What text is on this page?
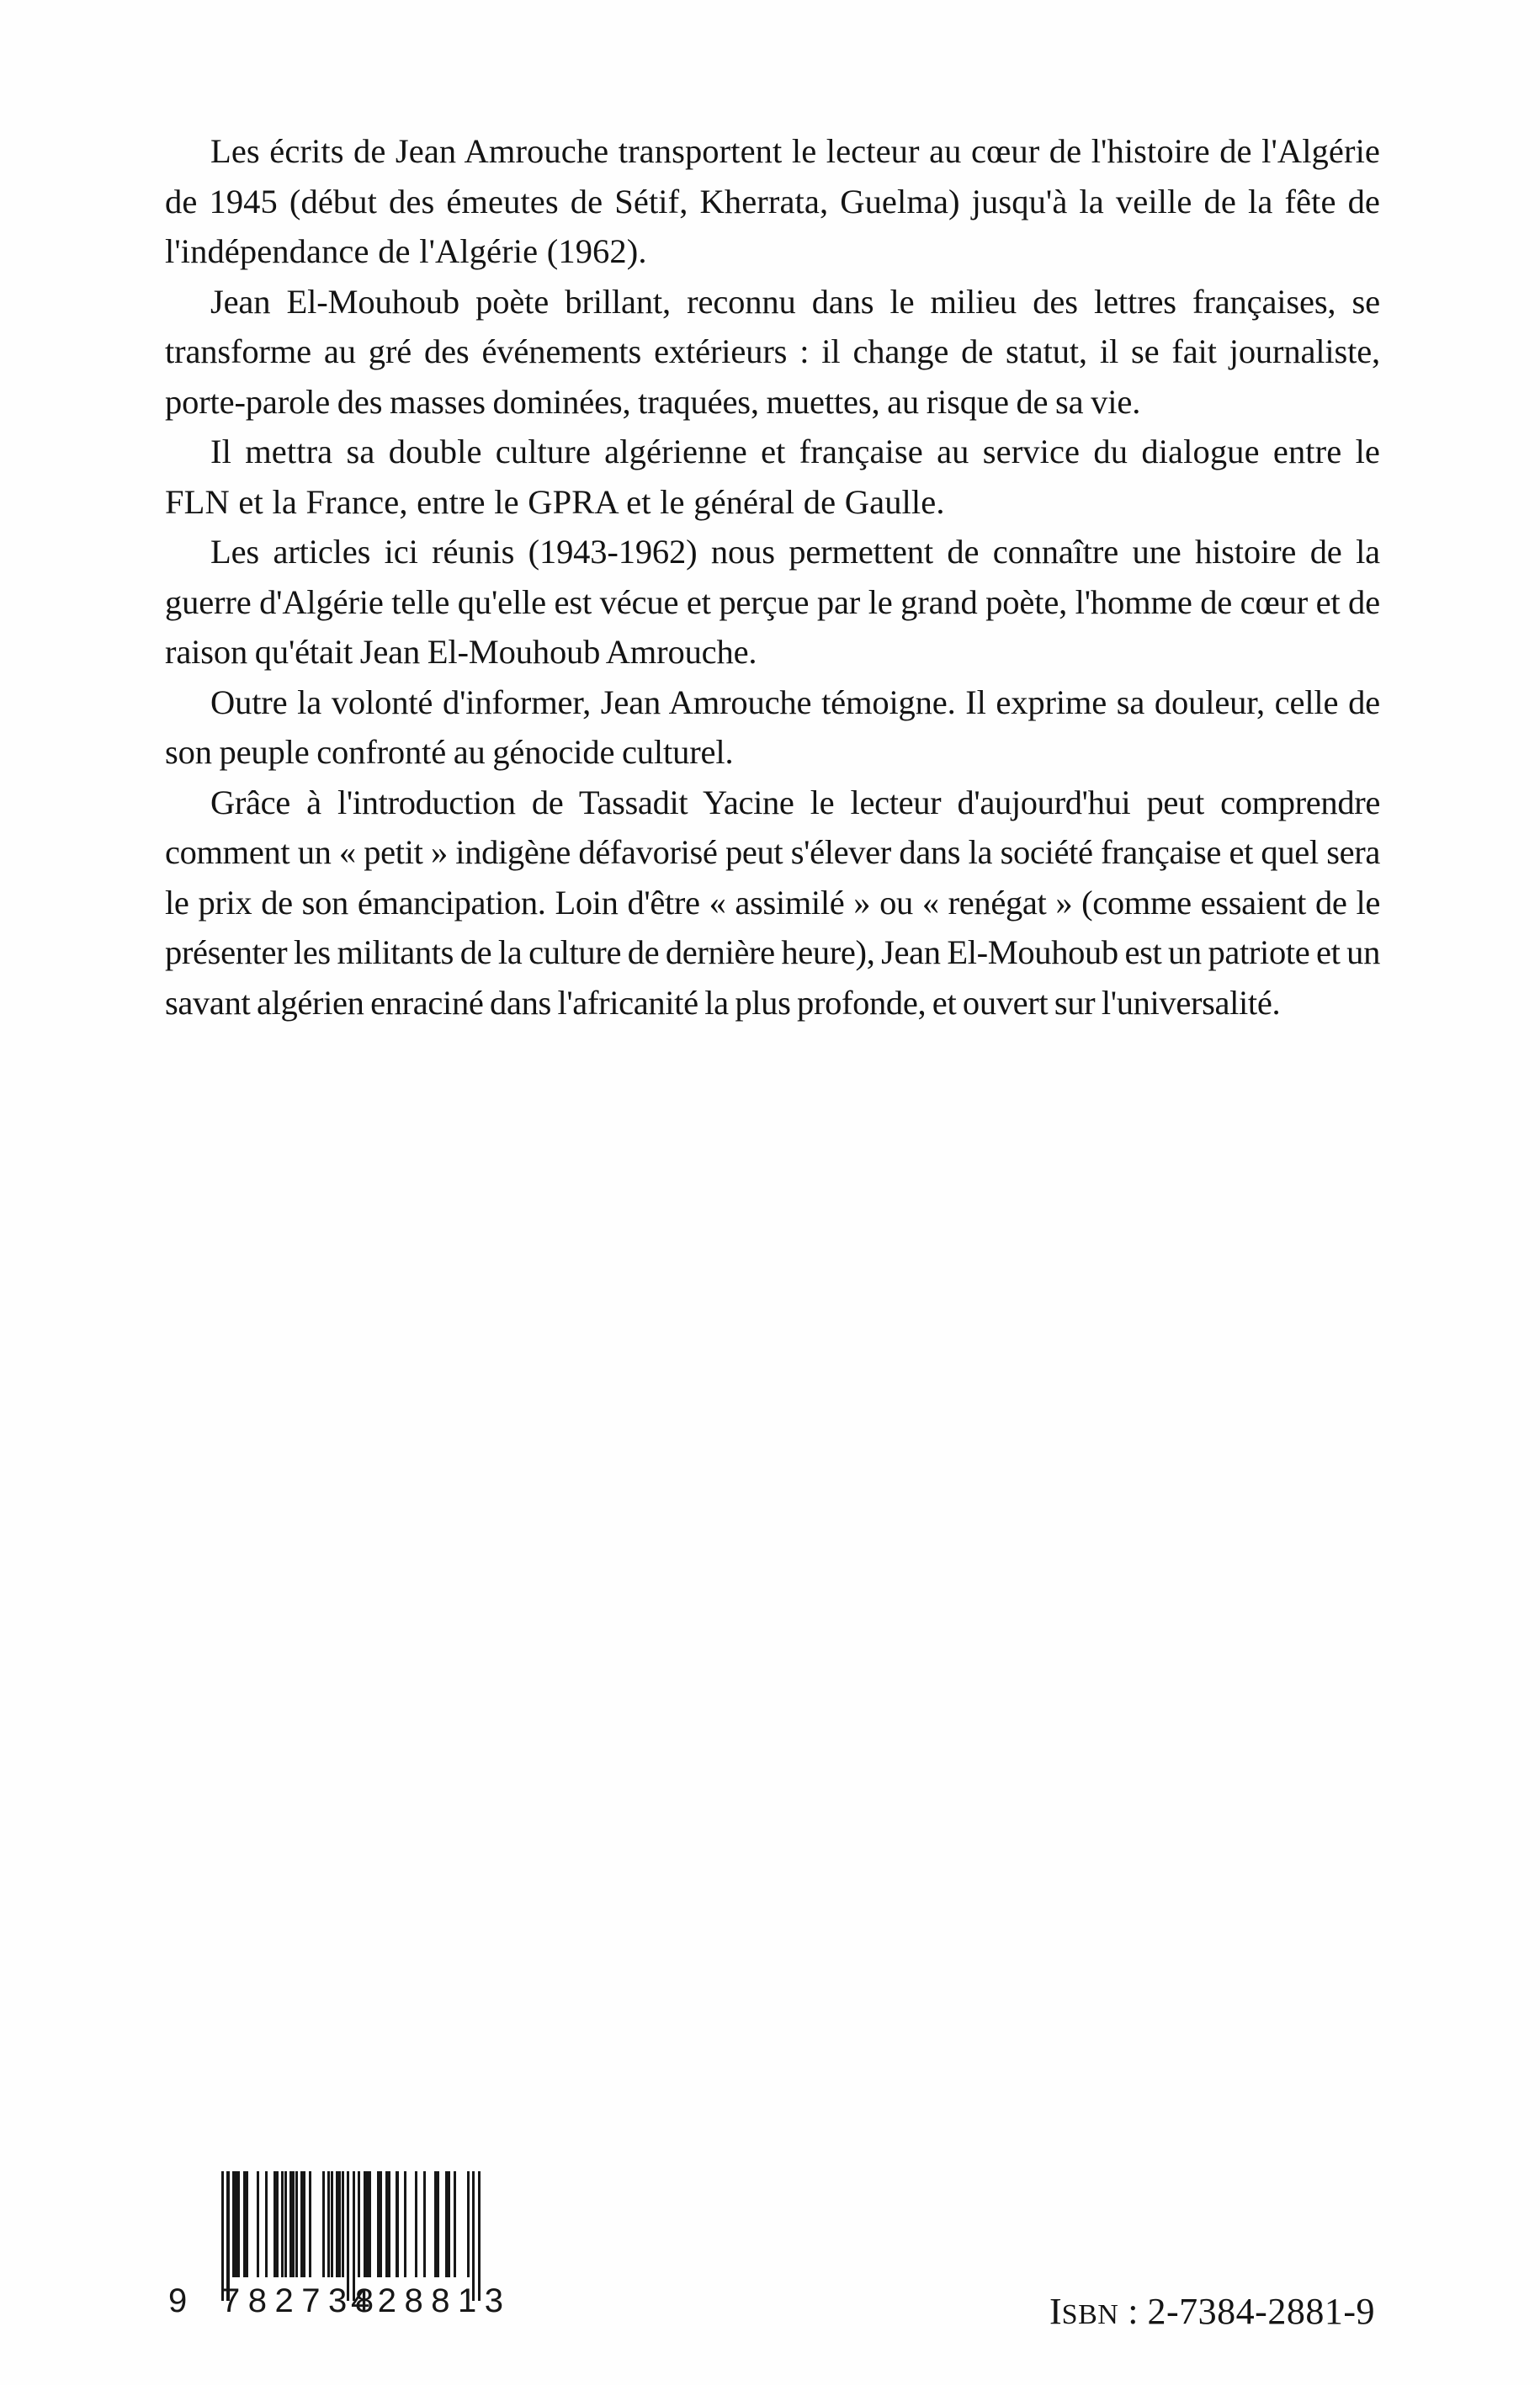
Les écrits de Jean Amrouche transportent le lecteur au cœur de l'histoire de l'Algérie de 1945 (début des émeutes de Sétif, Kherrata, Guelma) jusqu'à la veille de la fête de l'indépendance de l'Algérie (1962).

Jean El-Mouhoub poète brillant, reconnu dans le milieu des lettres françaises, se transforme au gré des événements extérieurs : il change de statut, il se fait journaliste, porte-parole des masses dominées, traquées, muettes, au risque de sa vie.

Il mettra sa double culture algérienne et française au service du dialogue entre le FLN et la France, entre le GPRA et le général de Gaulle.

Les articles ici réunis (1943-1962) nous permettent de connaître une histoire de la guerre d'Algérie telle qu'elle est vécue et perçue par le grand poète, l'homme de cœur et de raison qu'était Jean El-Mouhoub Amrouche.

Outre la volonté d'informer, Jean Amrouche témoigne. Il exprime sa douleur, celle de son peuple confronté au génocide culturel.

Grâce à l'introduction de Tassadit Yacine le lecteur d'aujourd'hui peut comprendre comment un « petit » indigène défavorisé peut s'élever dans la société française et quel sera le prix de son émancipation. Loin d'être « assimilé » ou « renégat » (comme essaient de le présenter les militants de la culture de dernière heure), Jean El-Mouhoub est un patriote et un savant algérien enraciné dans l'africanité la plus profonde, et ouvert sur l'universalité.

9 782738
428813	ISBN : 2-7384-2881-9
